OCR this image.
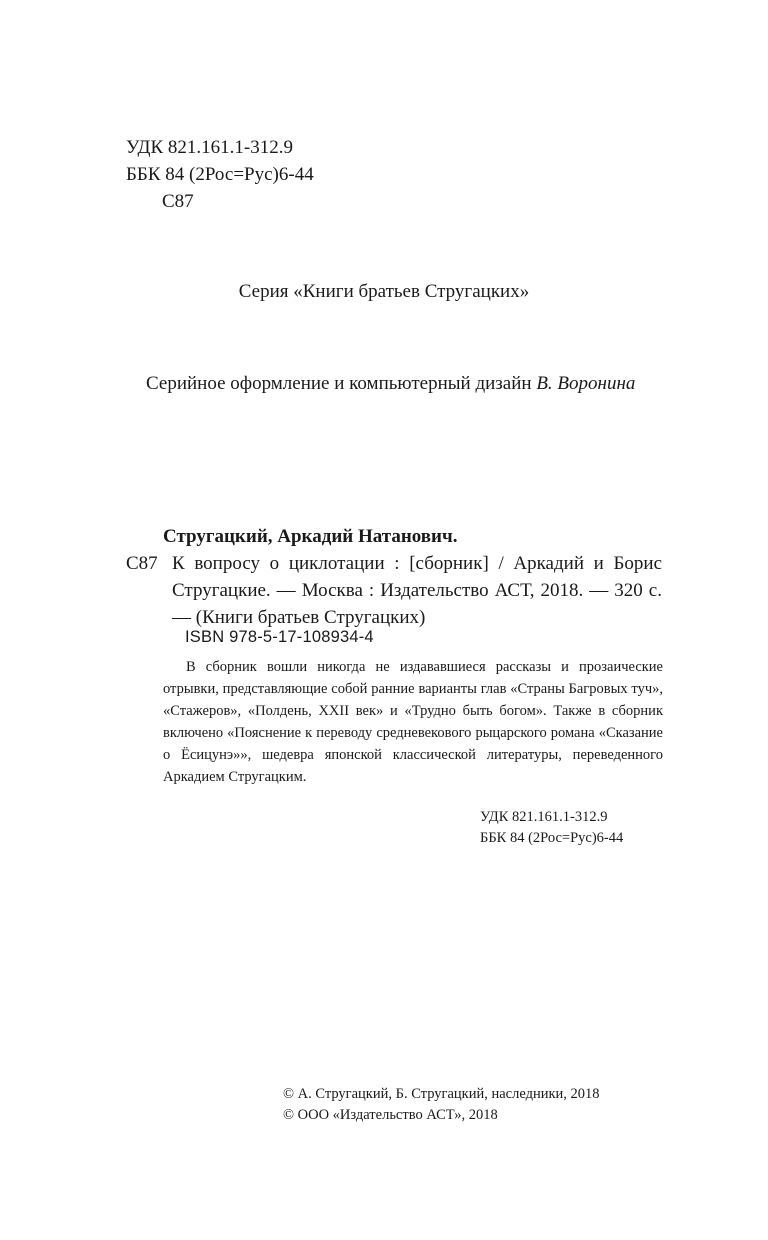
УДК 821.161.1-312.9
ББК 84 (2Рос=Рус)6-44
С87
Серия «Книги братьев Стругацких»
Серийное оформление и компьютерный дизайн В. Воронина
Стругацкий, Аркадий Натанович.
С87 К вопросу о циклотации : [сборник] / Аркадий и Борис Стругацкие. — Москва : Издательство АСТ, 2018. — 320 с. — (Книги братьев Стругацких)

ISBN 978-5-17-108934-4

В сборник вошли никогда не издававшиеся рассказы и прозаические отрывки, представляющие собой ранние варианты глав «Страны Багровых туч», «Стажеров», «Полдень, XXII век» и «Трудно быть богом». Также в сборник включено «Пояснение к переводу средневекового рыцарского романа «Сказание о Ёсицунэ»», шедевра японской классической литературы, переведенного Аркадием Стругацким.

УДК 821.161.1-312.9
ББК 84 (2Рос=Рус)6-44
© А. Стругацкий, Б. Стругацкий, наследники, 2018
© ООО «Издательство АСТ», 2018
